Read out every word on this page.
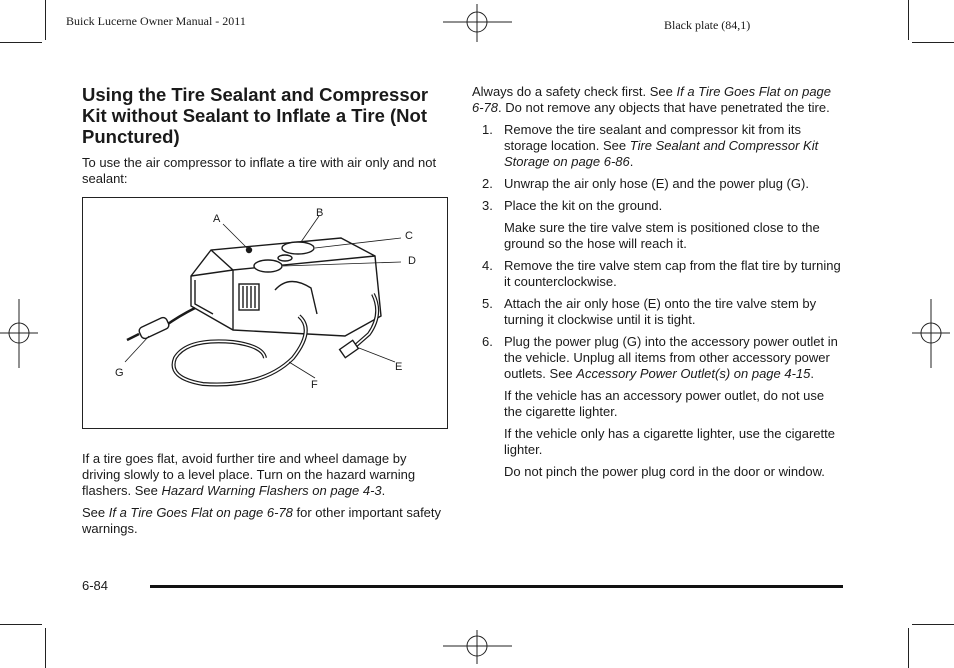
Buick Lucerne Owner Manual - 2011	Black plate (84,1)
Using the Tire Sealant and Compressor Kit without Sealant to Inflate a Tire (Not Punctured)

To use the air compressor to inflate a tire with air only and not sealant:

A	B
C
D
E
F
G

If a tire goes flat, avoid further tire and wheel damage by driving slowly to a level place. Turn on the hazard warning flashers. See Hazard Warning Flashers on page 4-3.

See If a Tire Goes Flat on page 6-78 for other important safety warnings.

Always do a safety check first. See If a Tire Goes Flat on page 6-78. Do not remove any objects that have penetrated the tire.

1. Remove the tire sealant and compressor kit from its storage location. See Tire Sealant and Compressor Kit Storage on page 6-86.
2. Unwrap the air only hose (E) and the power plug (G).
3. Place the kit on the ground.
Make sure the tire valve stem is positioned close to the ground so the hose will reach it.
4. Remove the tire valve stem cap from the flat tire by turning it counterclockwise.
5. Attach the air only hose (E) onto the tire valve stem by turning it clockwise until it is tight.
6. Plug the power plug (G) into the accessory power outlet in the vehicle. Unplug all items from other accessory power outlets. See Accessory Power Outlet(s) on page 4-15.
If the vehicle has an accessory power outlet, do not use the cigarette lighter.
If the vehicle only has a cigarette lighter, use the cigarette lighter.
Do not pinch the power plug cord in the door or window.
6-84
